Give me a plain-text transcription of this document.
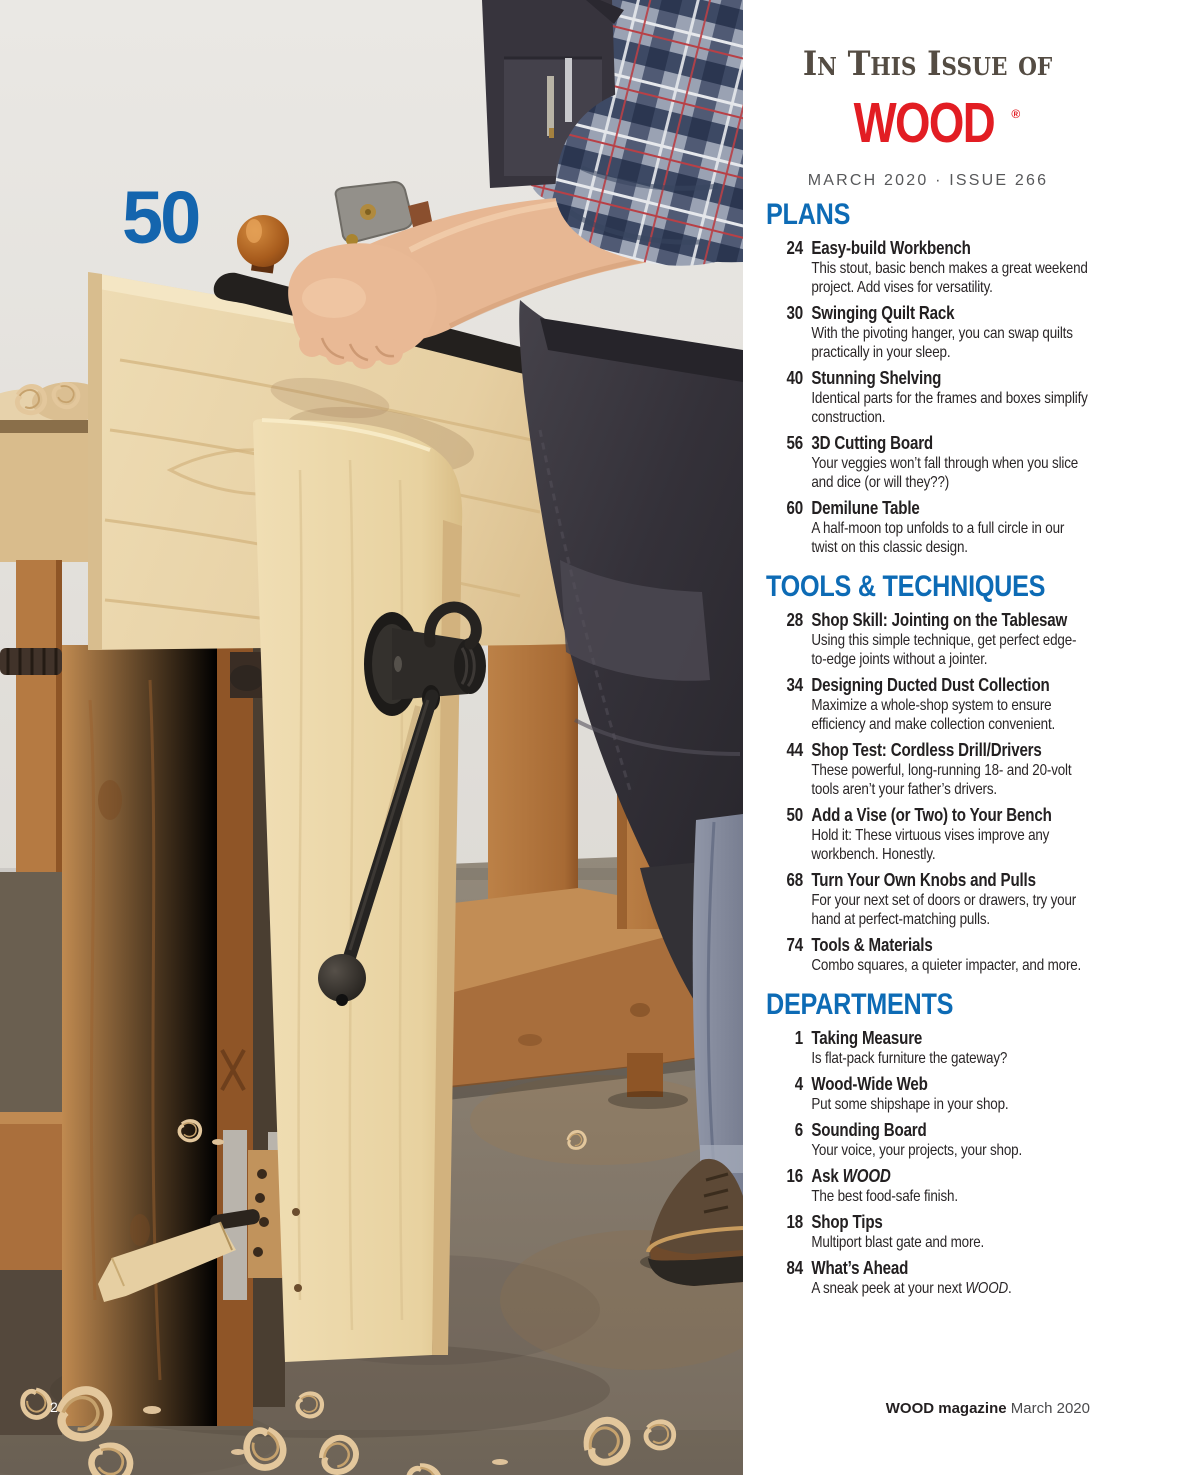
50
2
In This Issue of
WOOD ®
MARCH 2020 · ISSUE 266
PLANS
24 Easy-build Workbench
This stout, basic bench makes a great weekend project. Add vises for versatility.
30 Swinging Quilt Rack
With the pivoting hanger, you can swap quilts practically in your sleep.
40 Stunning Shelving
Identical parts for the frames and boxes simplify construction.
56 3D Cutting Board
Your veggies won’t fall through when you slice and dice (or will they??)
60 Demilune Table
A half-moon top unfolds to a full circle in our twist on this classic design.
TOOLS & TECHNIQUES
28 Shop Skill: Jointing on the Tablesaw
Using this simple technique, get perfect edge-to-edge joints without a jointer.
34 Designing Ducted Dust Collection
Maximize a whole-shop system to ensure efficiency and make collection convenient.
44 Shop Test: Cordless Drill/Drivers
These powerful, long-running 18- and 20-volt tools aren’t your father’s drivers.
50 Add a Vise (or Two) to Your Bench
Hold it: These virtuous vises improve any workbench. Honestly.
68 Turn Your Own Knobs and Pulls
For your next set of doors or drawers, try your hand at perfect-matching pulls.
74 Tools & Materials
Combo squares, a quieter impacter, and more.
DEPARTMENTS
1 Taking Measure
Is flat-pack furniture the gateway?
4 Wood-Wide Web
Put some shipshape in your shop.
6 Sounding Board
Your voice, your projects, your shop.
16 Ask WOOD
The best food-safe finish.
18 Shop Tips
Multiport blast gate and more.
84 What’s Ahead
A sneak peek at your next WOOD.
WOOD magazine March 2020
